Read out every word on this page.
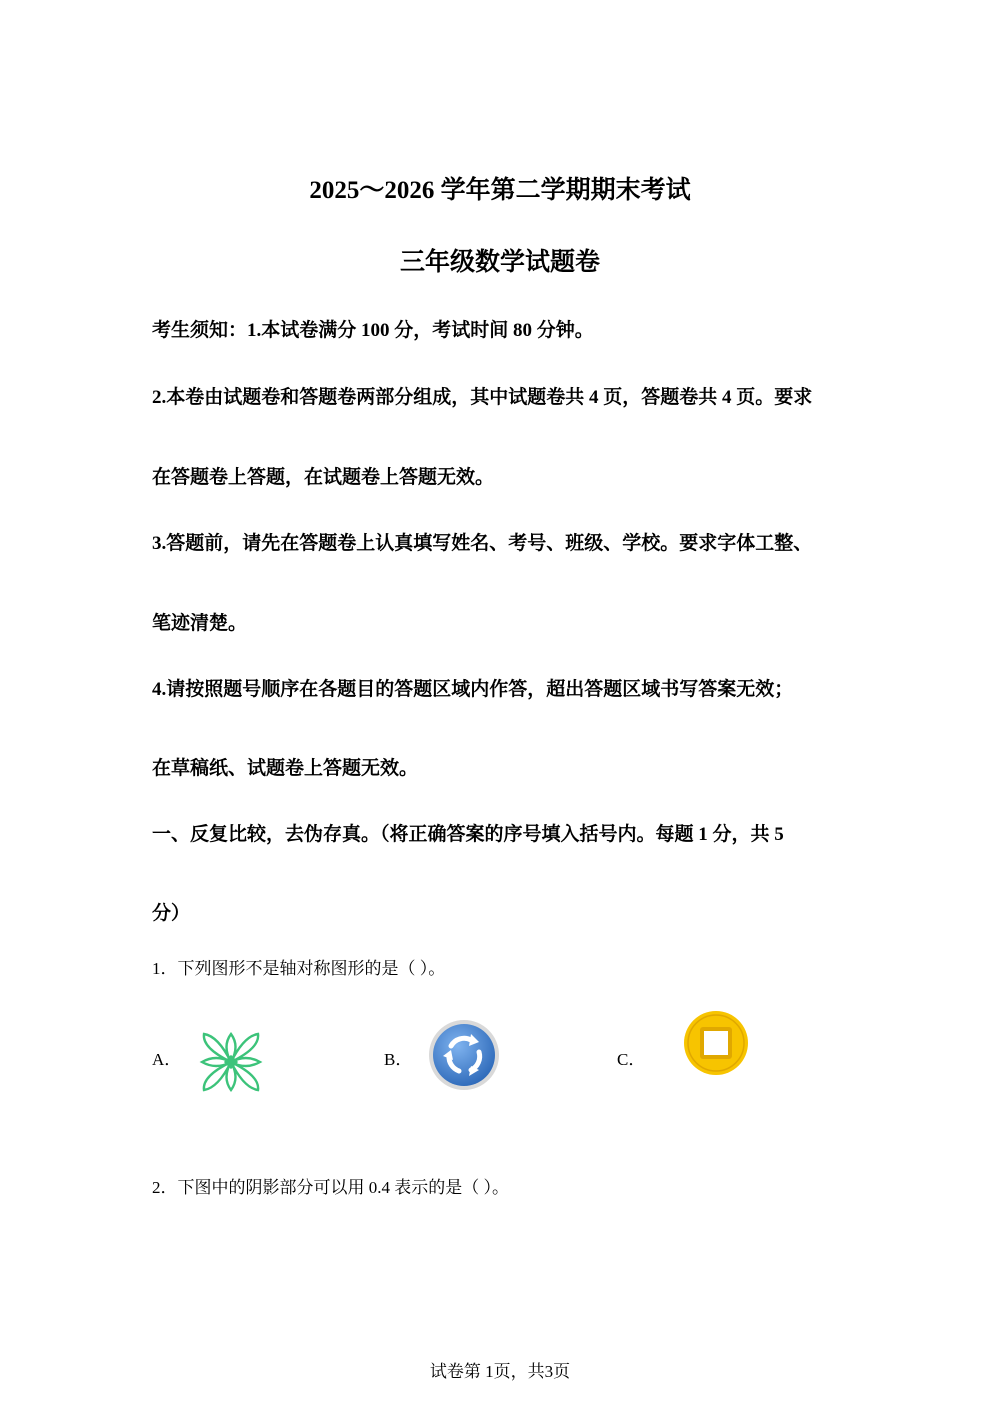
2025～2026 学年第二学期期末考试
三年级数学试题卷
考生须知：1.本试卷满分 100 分，考试时间 80 分钟。
2.本卷由试题卷和答题卷两部分组成，其中试题卷共 4 页，答题卷共 4 页。要求
在答题卷上答题，在试题卷上答题无效。
3.答题前，请先在答题卷上认真填写姓名、考号、班级、学校。要求字体工整、
笔迹清楚。
4.请按照题号顺序在各题目的答题区域内作答，超出答题区域书写答案无效；
在草稿纸、试题卷上答题无效。
一、反复比较，去伪存真。（将正确答案的序号填入括号内。每题 1 分，共 5
分）
1．下列图形不是轴对称图形的是（ ）。
A．	B．	C．
2．下图中的阴影部分可以用 0.4 表示的是（ ）。
试卷第 1页，共3页
